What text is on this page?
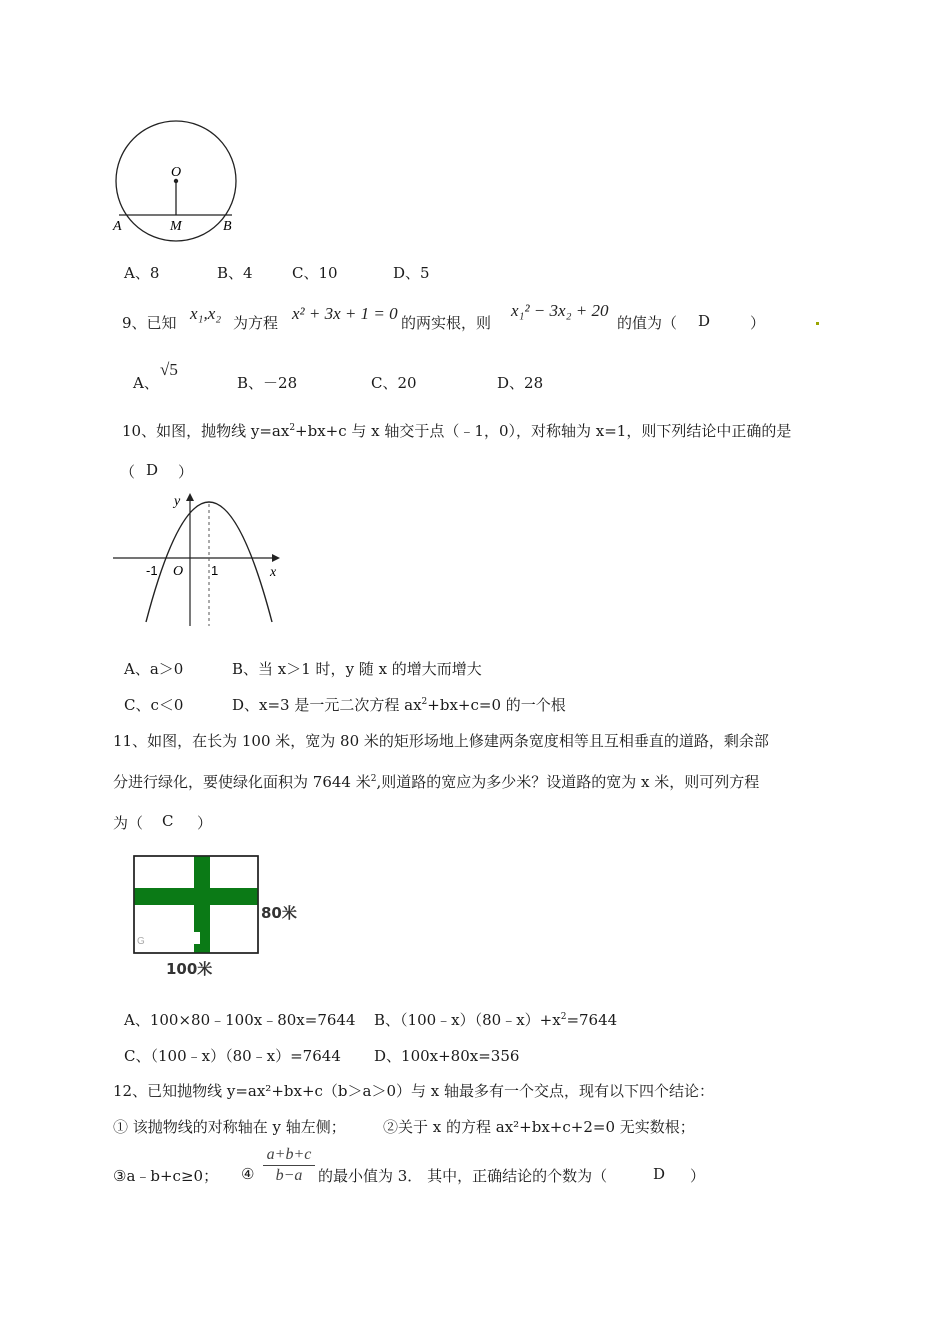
O
A	M	B
A、8	B、4	C、10	D、5
9、已知 x₁,x₂ 为方程 x² + 3x + 1 = 0 的两实根，则
x₁² − 3x₂ + 20
的值为（ D	）
A、
√5
B、－28	C、20	D、28
10、如图，抛物线 $y=ax^2+bx+c$ 与 x 轴交于点（﹣1，0），对称轴为 x=1，则下列结论中正确的是
（ D ）
y
x
O
-1	1
A、a＞0	B、当 x＞1 时，y 随 x 的增大而增大
C、c＜0	D、x=3 是一元二次方程 $ax^2+bx+c=0$ 的一个根
11、如图，在长为 100 米，宽为 80 米的矩形场地上修建两条宽度相等且互相垂直的道路，剩余部
分进行绿化，要使绿化面积为 7644 米$^2$,则道路的宽应为多少米？设道路的宽为 x 米，则可列方程
为（ C ）
G
80米
100米
A、100×80﹣100x﹣80x=7644 B、$(100﹣x)(80﹣x)+x^2=7644$
C、（100﹣x）（80﹣x）=7644 D、100x+80x=356
12、已知抛物线 y=ax²+bx+c（b＞a＞0）与 x 轴最多有一个交点，现有以下四个结论：
① 该抛物线的对称轴在 y 轴左侧； ②关于 x 的方程 ax²+bx+c+2=0 无实数根；
③a﹣b+c≥0； ④
a+b+c
b−a	的最小值为 3． 其中，正确结论的个数为（	D ）
